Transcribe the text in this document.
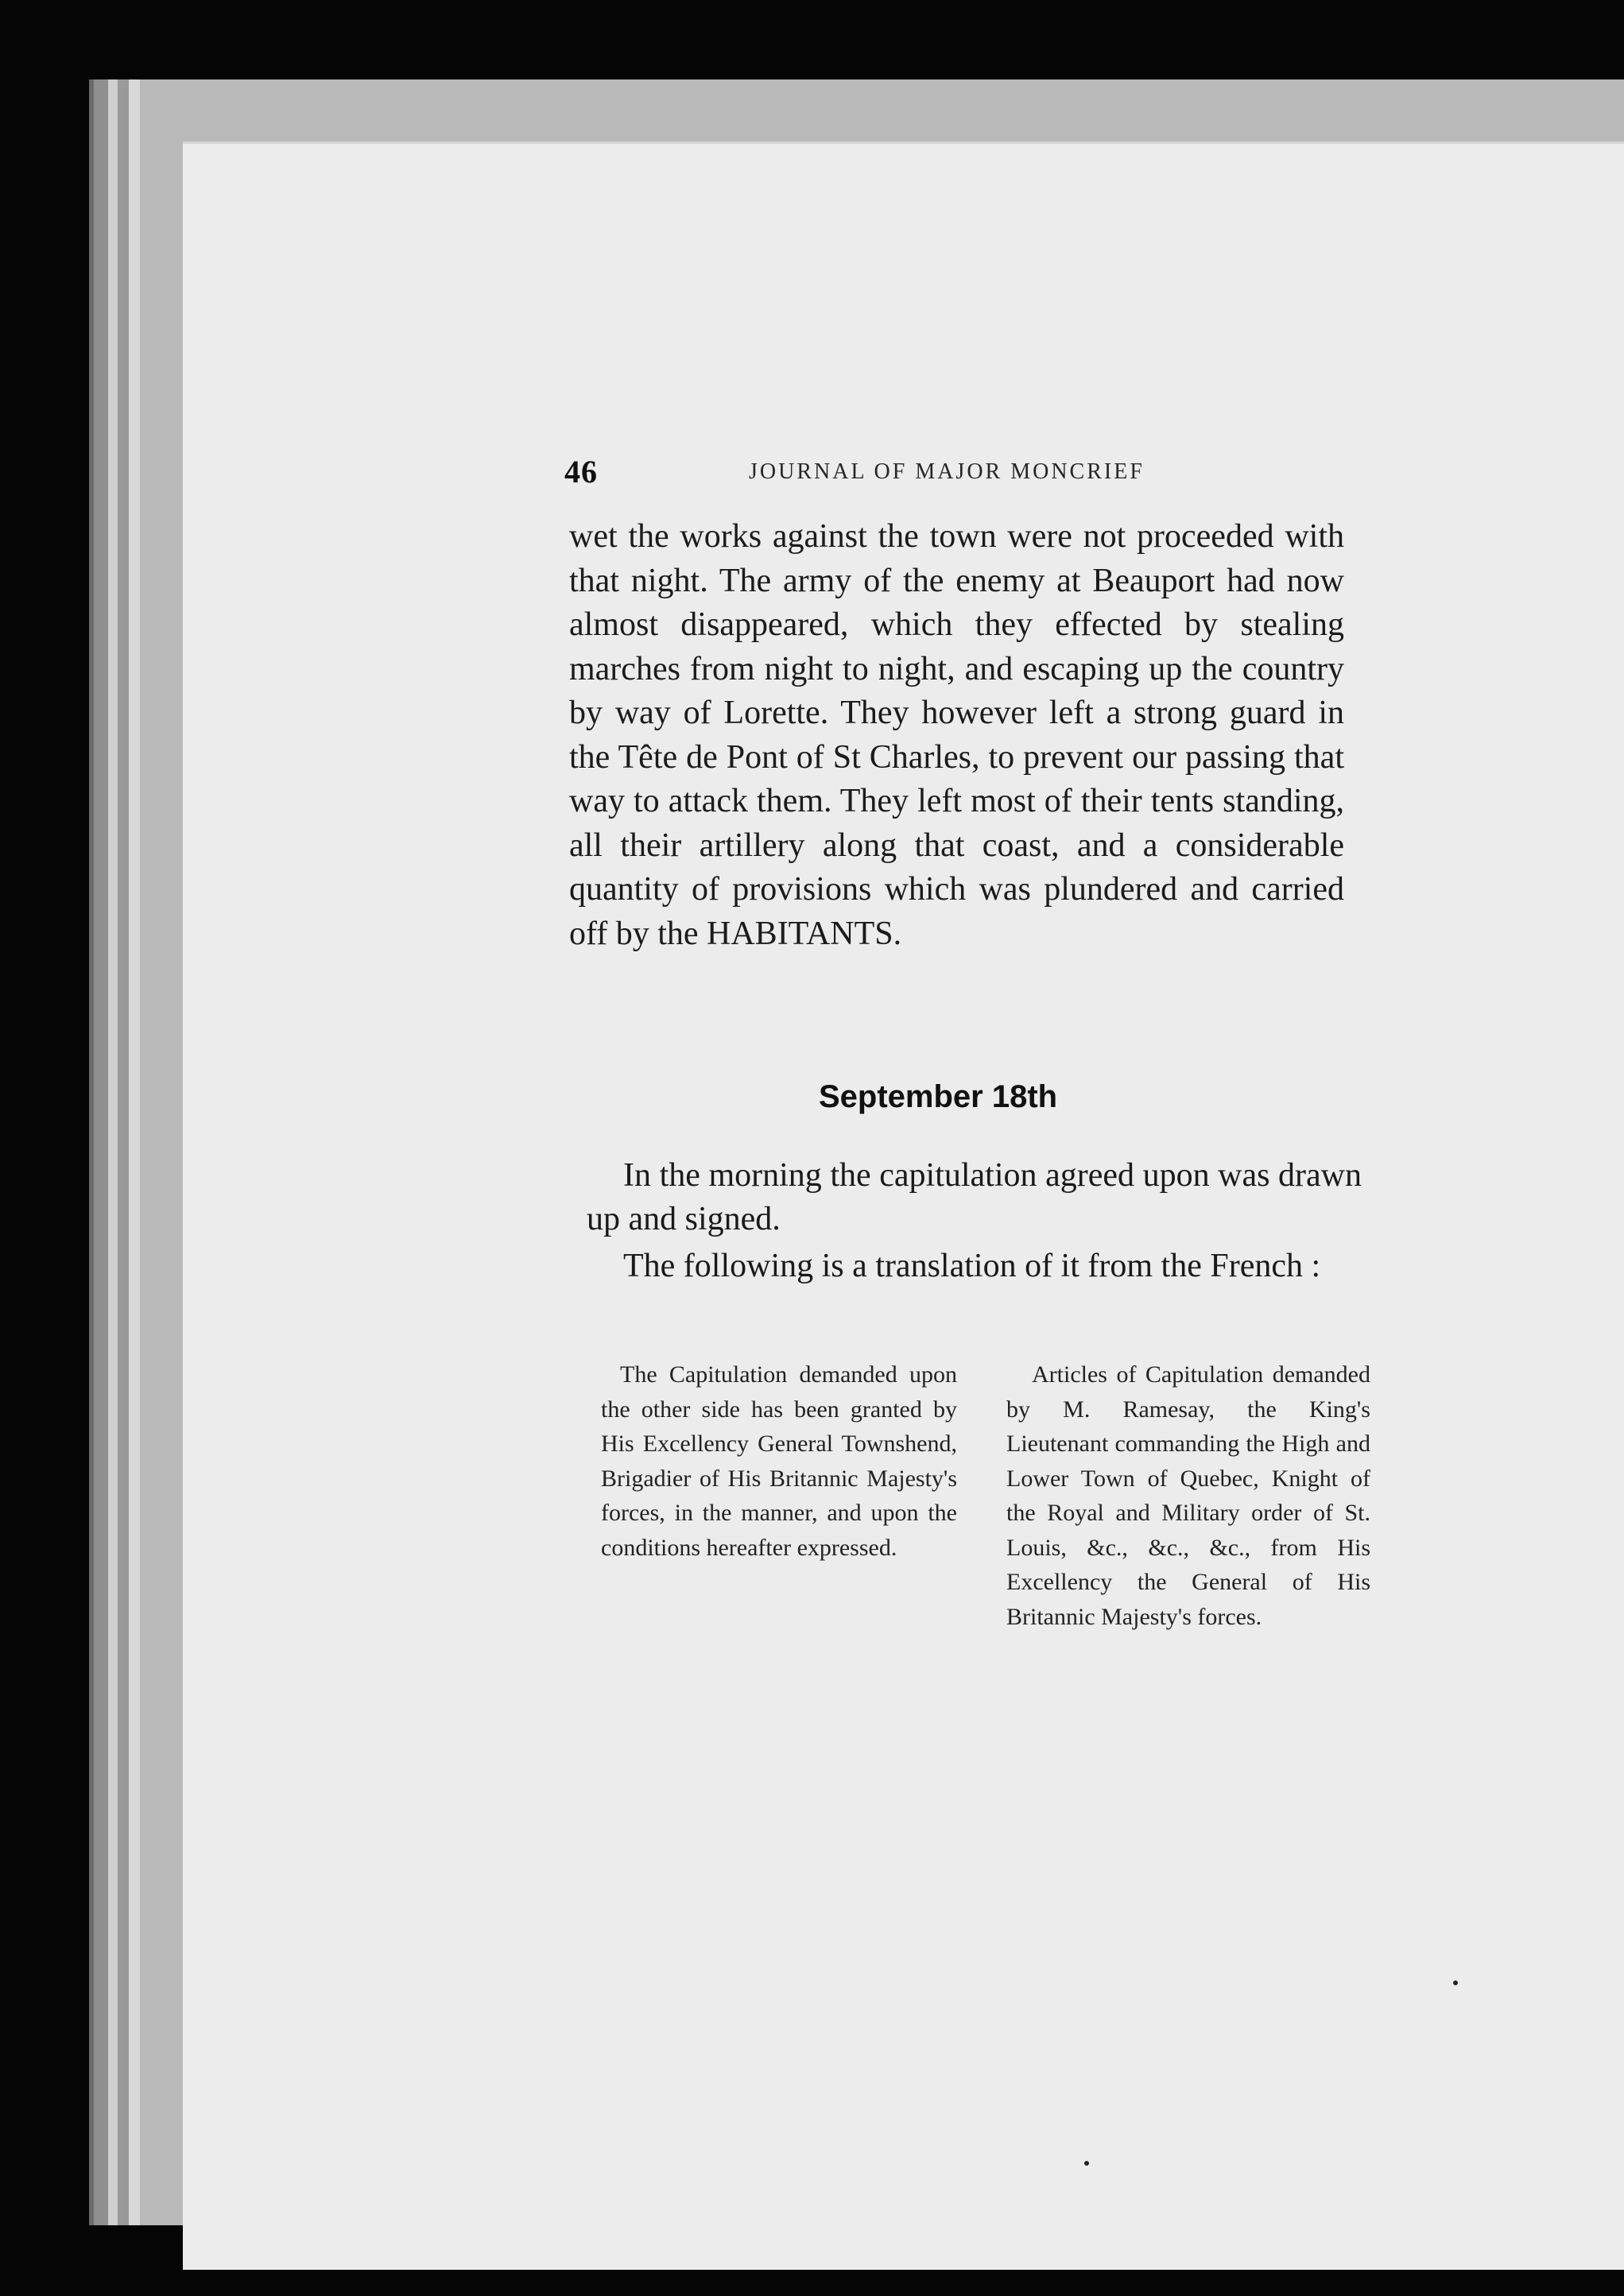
46	JOURNAL OF MAJOR MONCRIEF

wet the works against the town were not proceeded with that night. The army of the enemy at Beauport had now almost disappeared, which they effected by stealing marches from night to night, and escaping up the country by way of Lorette. They however left a strong guard in the Tête de Pont of St Charles, to prevent our passing that way to attack them. They left most of their tents standing, all their artillery along that coast, and a considerable quantity of provisions which was plundered and carried off by the HABITANTS.

September 18th

In the morning the capitulation agreed upon was drawn up and signed.

The following is a translation of it from the French :

The Capitulation demanded upon the other side has been granted by His Excellency General Townshend, Brigadier of His Britannic Majesty's forces, in the manner, and upon the conditions hereafter expressed.

Articles of Capitulation demanded by M. Ramesay, the King's Lieutenant commanding the High and Lower Town of Quebec, Knight of the Royal and Military order of St. Louis, &c., &c., &c., from His Excellency the General of His Britannic Majesty's forces.
